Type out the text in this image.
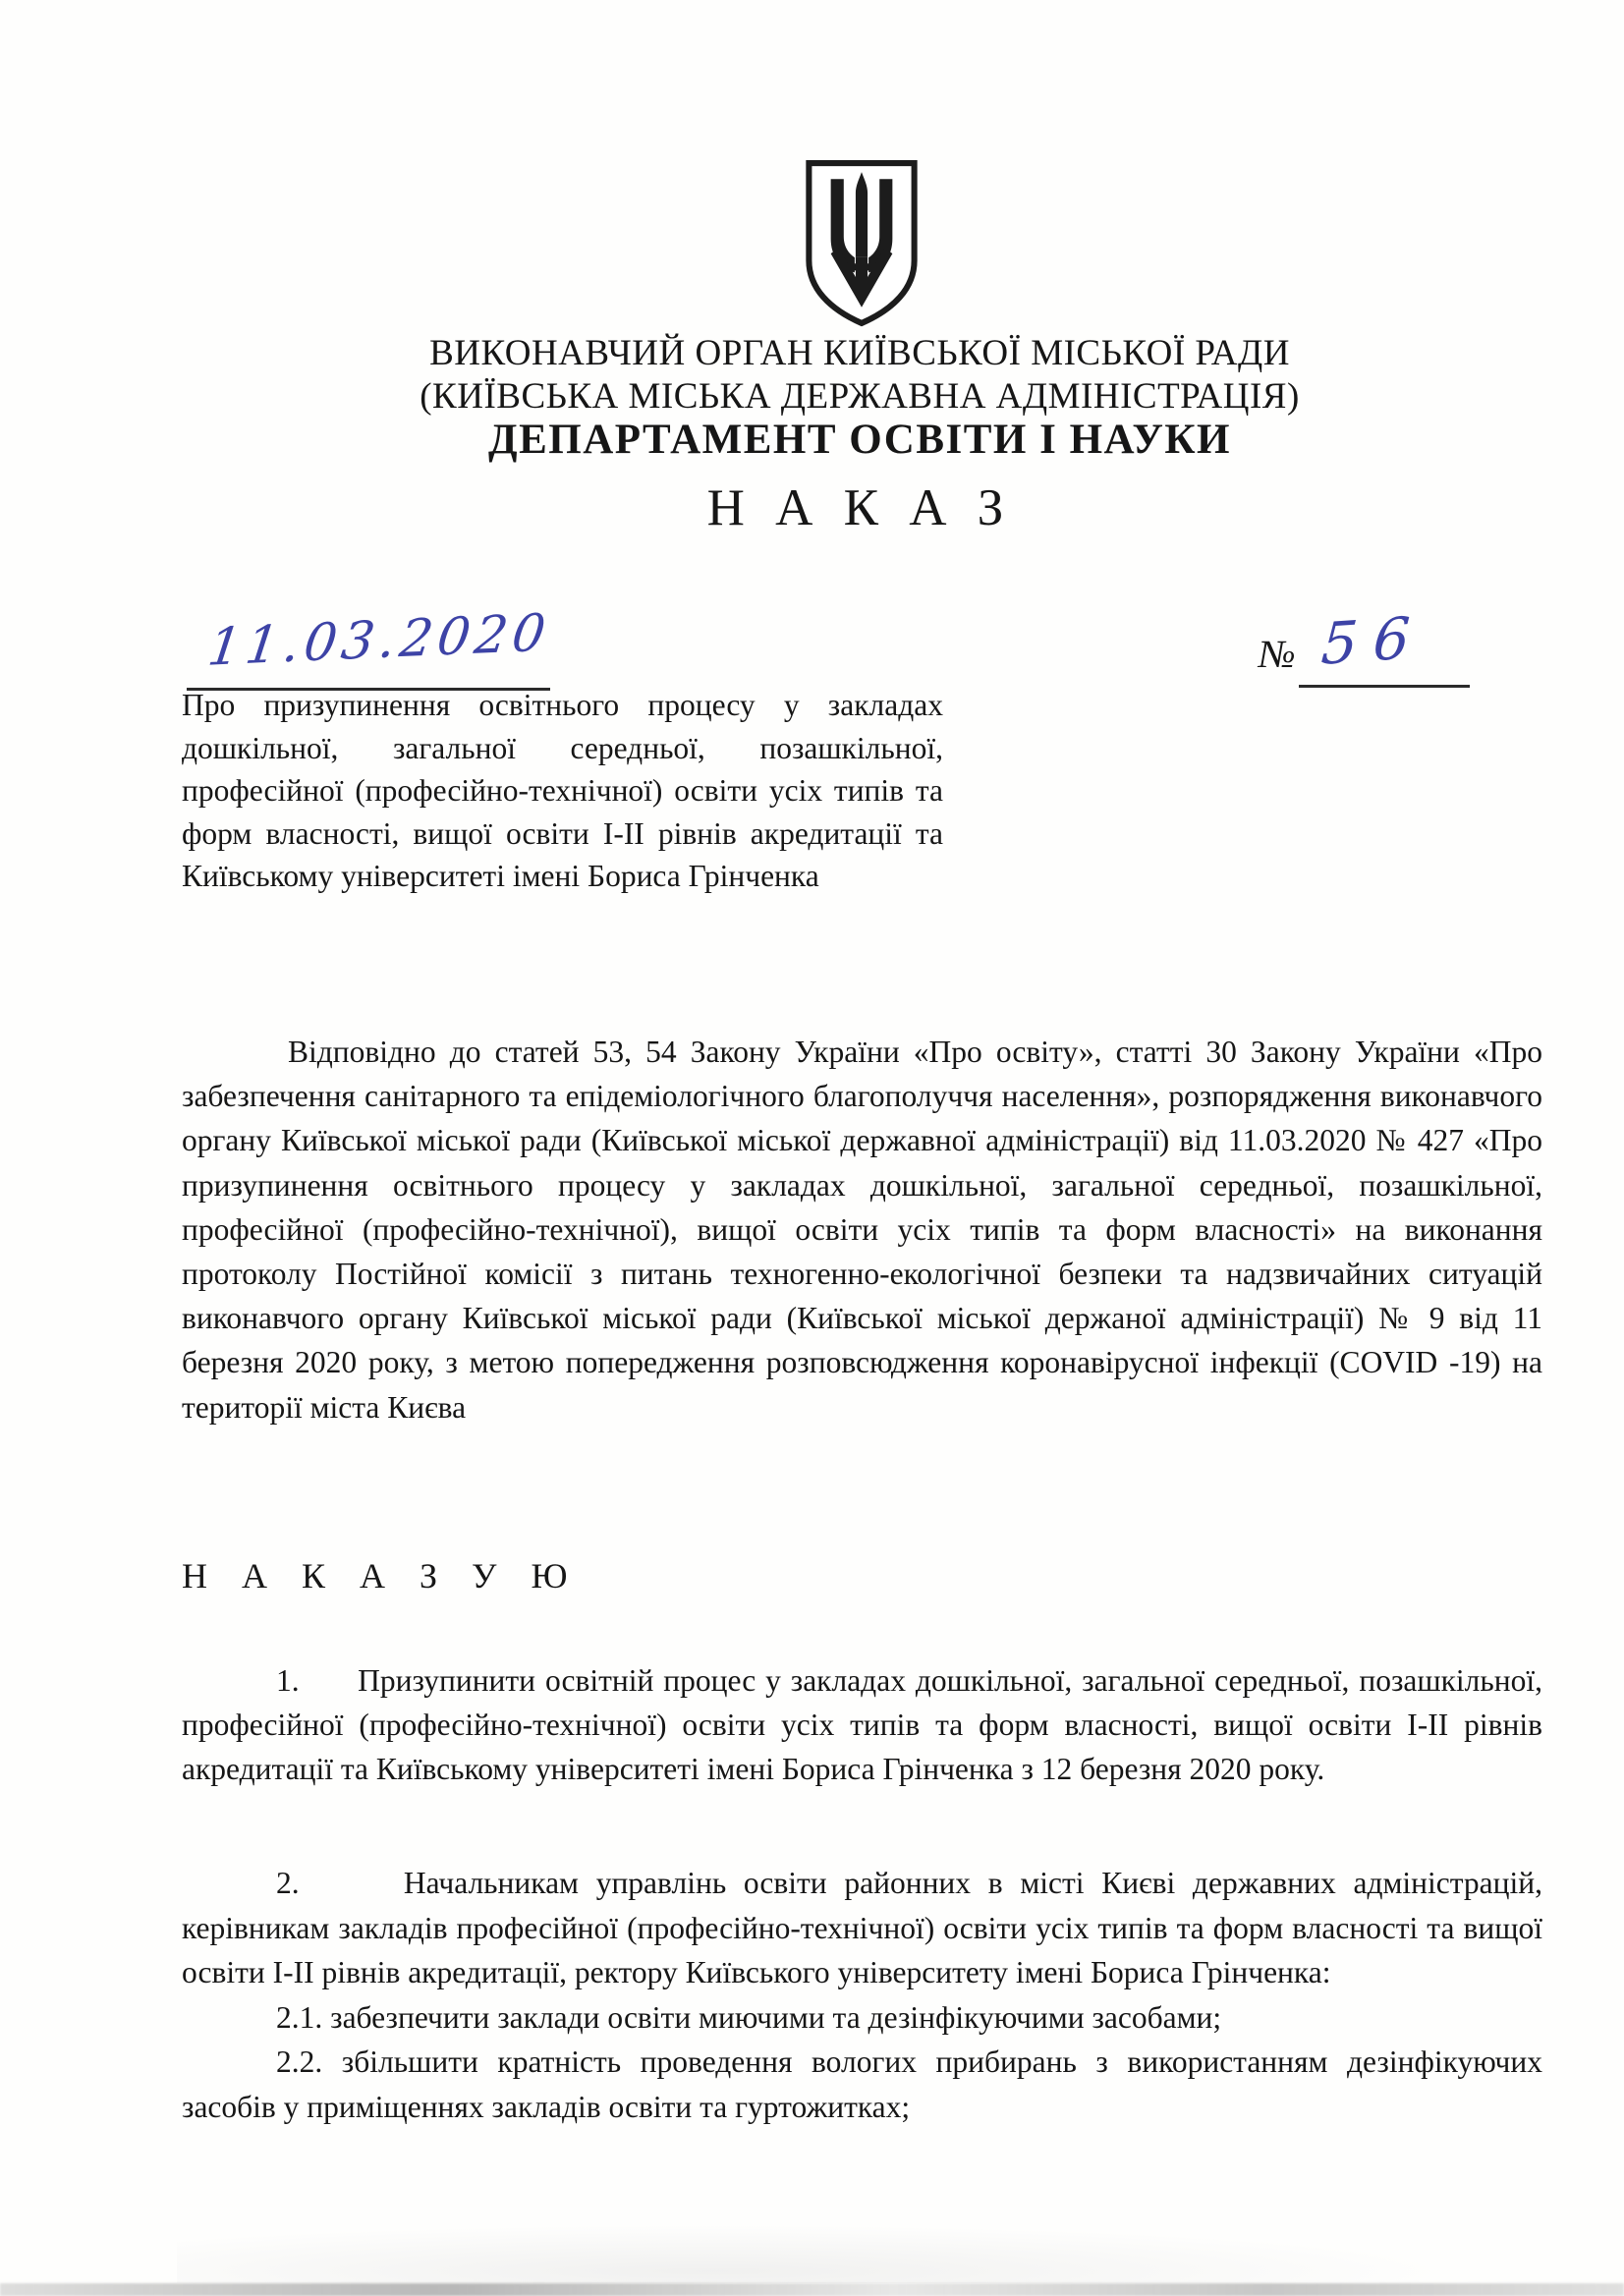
ВИКОНАВЧИЙ ОРГАН КИЇВСЬКОЇ МІСЬКОЇ РАДИ
(КИЇВСЬКА МІСЬКА ДЕРЖАВНА АДМІНІСТРАЦІЯ)
ДЕПАРТАМЕНТ ОСВІТИ І НАУКИ
Н А К А З
11.03.2020	№ 56
Про призупинення освітнього процесу у закладах дошкільної, загальної середньої, позашкільної, професійної (професійно-технічної) освіти усіх типів та форм власності, вищої освіти І-ІІ рівнів акредитації та Київському університеті імені Бориса Грінченка
Відповідно до статей 53, 54 Закону України «Про освіту», статті 30 Закону України «Про забезпечення санітарного та епідеміологічного благополуччя населення», розпорядження виконавчого органу Київської міської ради (Київської міської державної адміністрації) від 11.03.2020 № 427 «Про призупинення освітнього процесу у закладах дошкільної, загальної середньої, позашкільної, професійної (професійно-технічної), вищої освіти усіх типів та форм власності» на виконання протоколу Постійної комісії з питань техногенно-екологічної безпеки та надзвичайних ситуацій виконавчого органу Київської міської ради (Київської міської держаної адміністрації) № 9 від 11 березня 2020 року, з метою попередження розповсюдження коронавірусної інфекції (COVID -19) на території міста Києва
Н А К А З У Ю
1.      Призупинити освітній процес у закладах дошкільної, загальної середньої, позашкільної, професійної (професійно-технічної) освіти усіх типів та форм власності, вищої освіти І-ІІ рівнів акредитації та Київському університеті імені Бориса Грінченка з 12 березня 2020 року.

2.      Начальникам управлінь освіти районних в місті Києві державних адміністрацій, керівникам закладів професійної (професійно-технічної) освіти усіх типів та форм власності та вищої освіти І-ІІ рівнів акредитації, ректору Київського університету імені Бориса Грінченка:

2.1. забезпечити заклади освіти миючими та дезінфікуючими засобами;

2.2. збільшити кратність проведення вологих прибирань з використанням дезінфікуючих засобів у приміщеннях закладів освіти та гуртожитках;
